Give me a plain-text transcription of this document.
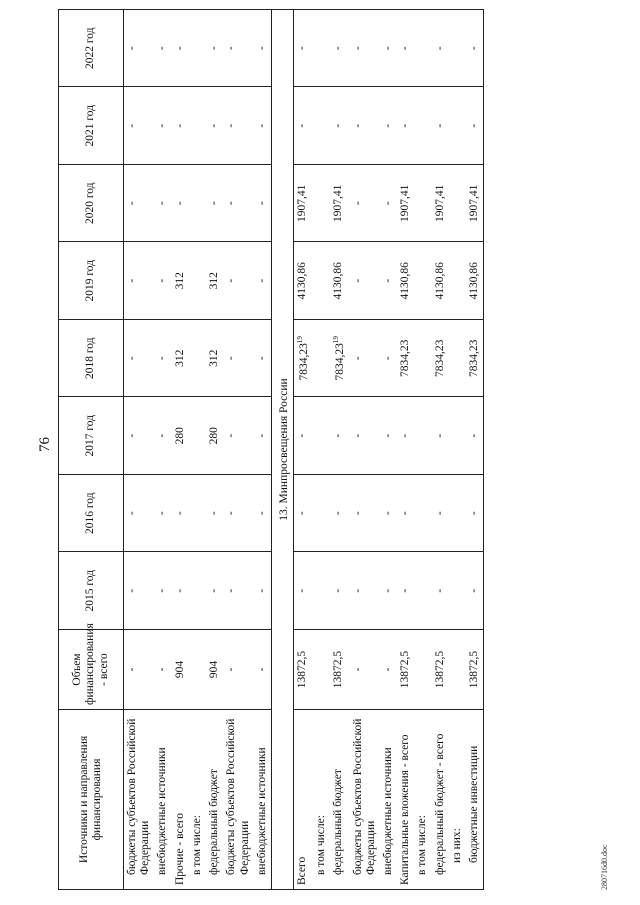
76
Источники и направления финансирования	Объем финансирования - всего	2015 год	2016 год	2017 год	2018 год	2019 год	2020 год	2021 год	2022 год
бюджеты субъектов Российской Федерации	-	-	-	-	-	-	-	-	-
внебюджетные источники	-	-	-	-	-	-	-	-	-
Прочие - всего	904	-	-	280	312	312	-	-	-
в том числе:									
федеральный бюджет	904	-	-	280	312	312	-	-	-
бюджеты субъектов Российской Федерации	-	-	-	-	-	-	-	-	-
внебюджетные источники	-	-	-	-	-	-	-	-	-
13. Минпросвещения России									
Всего	13872,5	-	-	-	7834,23$^{19}$	4130,86	1907,41	-	-
в том числе:									
федеральный бюджет	13872,5	-	-	-	7834,23$^{19}$	4130,86	1907,41	-	-
бюджеты субъектов Российской Федерации	-	-	-	-	-	-	-	-	-
внебюджетные источники	-	-	-	-	-	-	-	-	-
Капитальные вложения - всего	13872,5	-	-	-	7834,23	4130,86	1907,41	-	-
в том числе:									
федеральный бюджет - всего	13872,5	-	-	-	7834,23	4130,86	1907,41	-	-
из них:									
бюджетные инвестиции	13872,5	-	-	-	7834,23	4130,86	1907,41	-	-
280716d0.doc
